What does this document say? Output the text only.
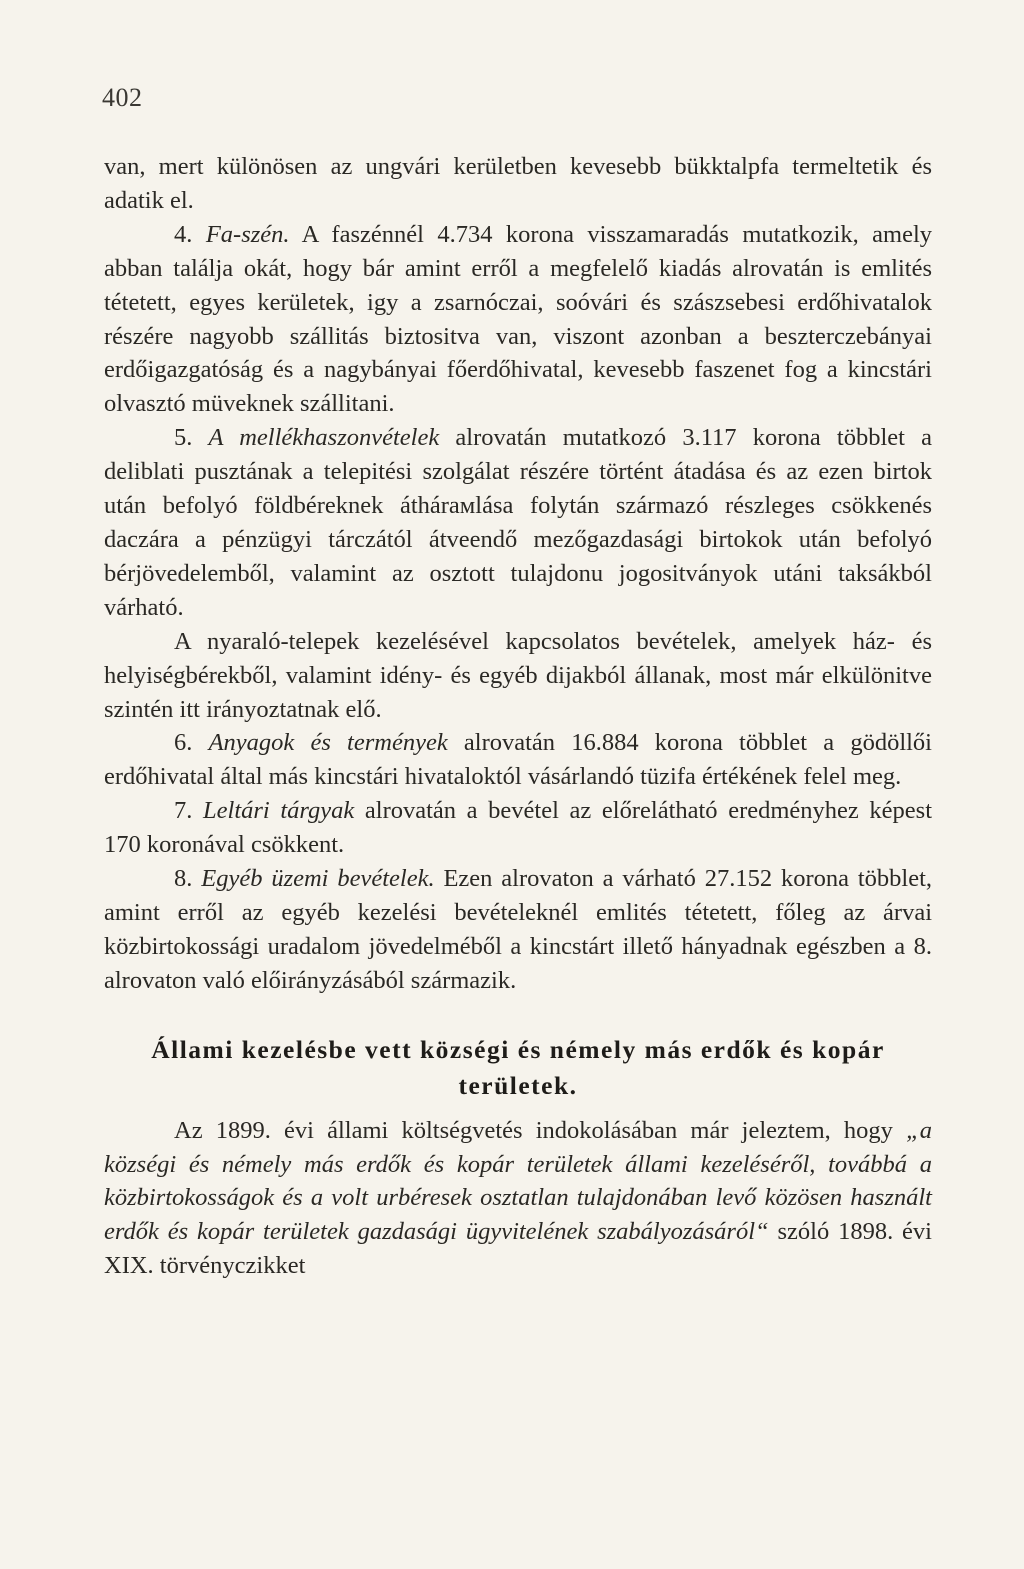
402

van, mert különösen az ungvári kerületben kevesebb bükktalpfa termeltetik és adatik el.

4. Fa-szén. A faszénnél 4.734 korona visszamaradás mutatkozik, amely abban találja okát, hogy bár amint erről a megfelelő kiadás alrovatán is emlités tétetett, egyes kerületek, igy a zsarnóczai, soóvári és szászsebesi erdőhivatalok részére nagyobb szállitás biztositva van, viszont azonban a beszterczebányai erdőigazgatóság és a nagybányai főerdőhivatal, kevesebb faszenet fog a kincstári olvasztó müveknek szállitani.

5. A mellékhaszonvételek alrovatán mutatkozó 3.117 korona többlet a deliblati pusztának a telepitési szolgálat részére történt átadása és az ezen birtok után befolyó földbéreknek áthárамlása folytán származó részleges csökkenés daczára a pénzügyi tárczától átveendő mezőgazdasági birtokok után befolyó bérjövedelemből, valamint az osztott tulajdonu jogositványok utáni taksákból várható.

A nyaraló-telepek kezelésével kapcsolatos bevételek, amelyek ház- és helyiségbérekből, valamint idény- és egyéb dijakból állanak, most már elkülönitve szintén itt irányoztatnak elő.

6. Anyagok és termények alrovatán 16.884 korona többlet a gödöllői erdőhivatal által más kincstári hivataloktól vásárlandó tüzifa értékének felel meg.

7. Leltári tárgyak alrovatán a bevétel az előrelátható eredményhez képest 170 koronával csökkent.

8. Egyéb üzemi bevételek. Ezen alrovaton a várható 27.152 korona többlet, amint erről az egyéb kezelési bevételeknél emlités tétetett, főleg az árvai közbirtokossági uradalom jövedelméből a kincstárt illető hányadnak egészben a 8. alrovaton való előirányzásából származik.

Állami kezelésbe vett községi és némely más erdők és kopár területek.

Az 1899. évi állami költségvetés indokolásában már jeleztem, hogy „a községi és némely más erdők és kopár területek állami kezeléséről, továbbá a közbirtokosságok és a volt urbéresek osztatlan tulajdonában levő közösen használt erdők és kopár területek gazdasági ügyvitelének szabályozásáról“ szóló 1898. évi XIX. törvényczikket
